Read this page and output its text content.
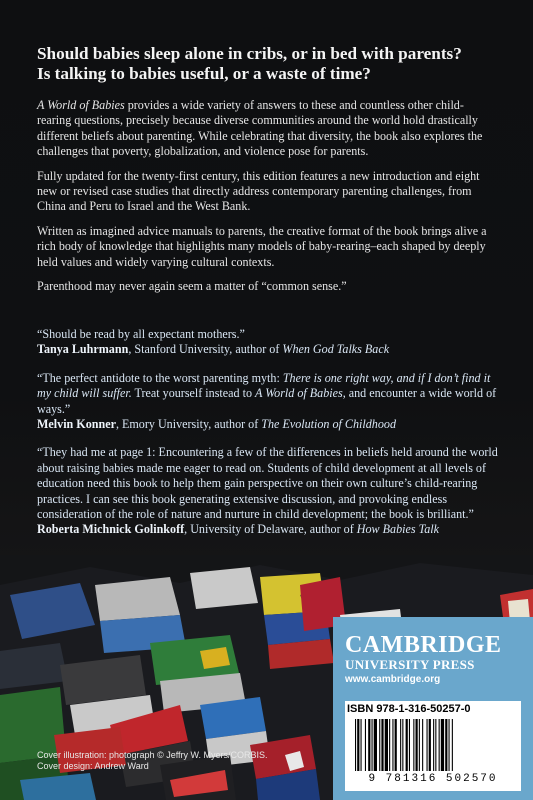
Should babies sleep alone in cribs, or in bed with parents?
Is talking to babies useful, or a waste of time?

A World of Babies provides a wide variety of answers to these and countless other child-rearing questions, precisely because diverse communities around the world hold drastically different beliefs about parenting. While celebrating that diversity, the book also explores the challenges that poverty, globalization, and violence pose for parents.

Fully updated for the twenty-first century, this edition features a new introduction and eight new or revised case studies that directly address contemporary parenting challenges, from China and Peru to Israel and the West Bank.

Written as imagined advice manuals to parents, the creative format of the book brings alive a rich body of knowledge that highlights many models of baby-rearing–each shaped by deeply held values and widely varying cultural contexts.

Parenthood may never again seem a matter of “common sense.”

“Should be read by all expectant mothers.”
Tanya Luhrmann, Stanford University, author of When God Talks Back
“The perfect antidote to the worst parenting myth: There is one right way, and if I don’t find it my child will suffer. Treat yourself instead to A World of Babies, and encounter a wide world of ways.”
Melvin Konner, Emory University, author of The Evolution of Childhood
“They had me at page 1: Encountering a few of the differences in beliefs held around the world about raising babies made me eager to read on. Students of child development at all levels of education need this book to help them gain perspective on their own culture’s child-rearing practices. I can see this book generating extensive discussion, and provoking endless consideration of the role of nature and nurture in child development; the book is brilliant.”
Roberta Michnick Golinkoff, University of Delaware, author of How Babies Talk
CAMBRIDGE
UNIVERSITY PRESS
www.cambridge.org
ISBN 978-1-316-50257-0
9 781316 502570
Cover illustration: photograph © Jeffry W. Myers/CORBIS.
Cover design: Andrew Ward
